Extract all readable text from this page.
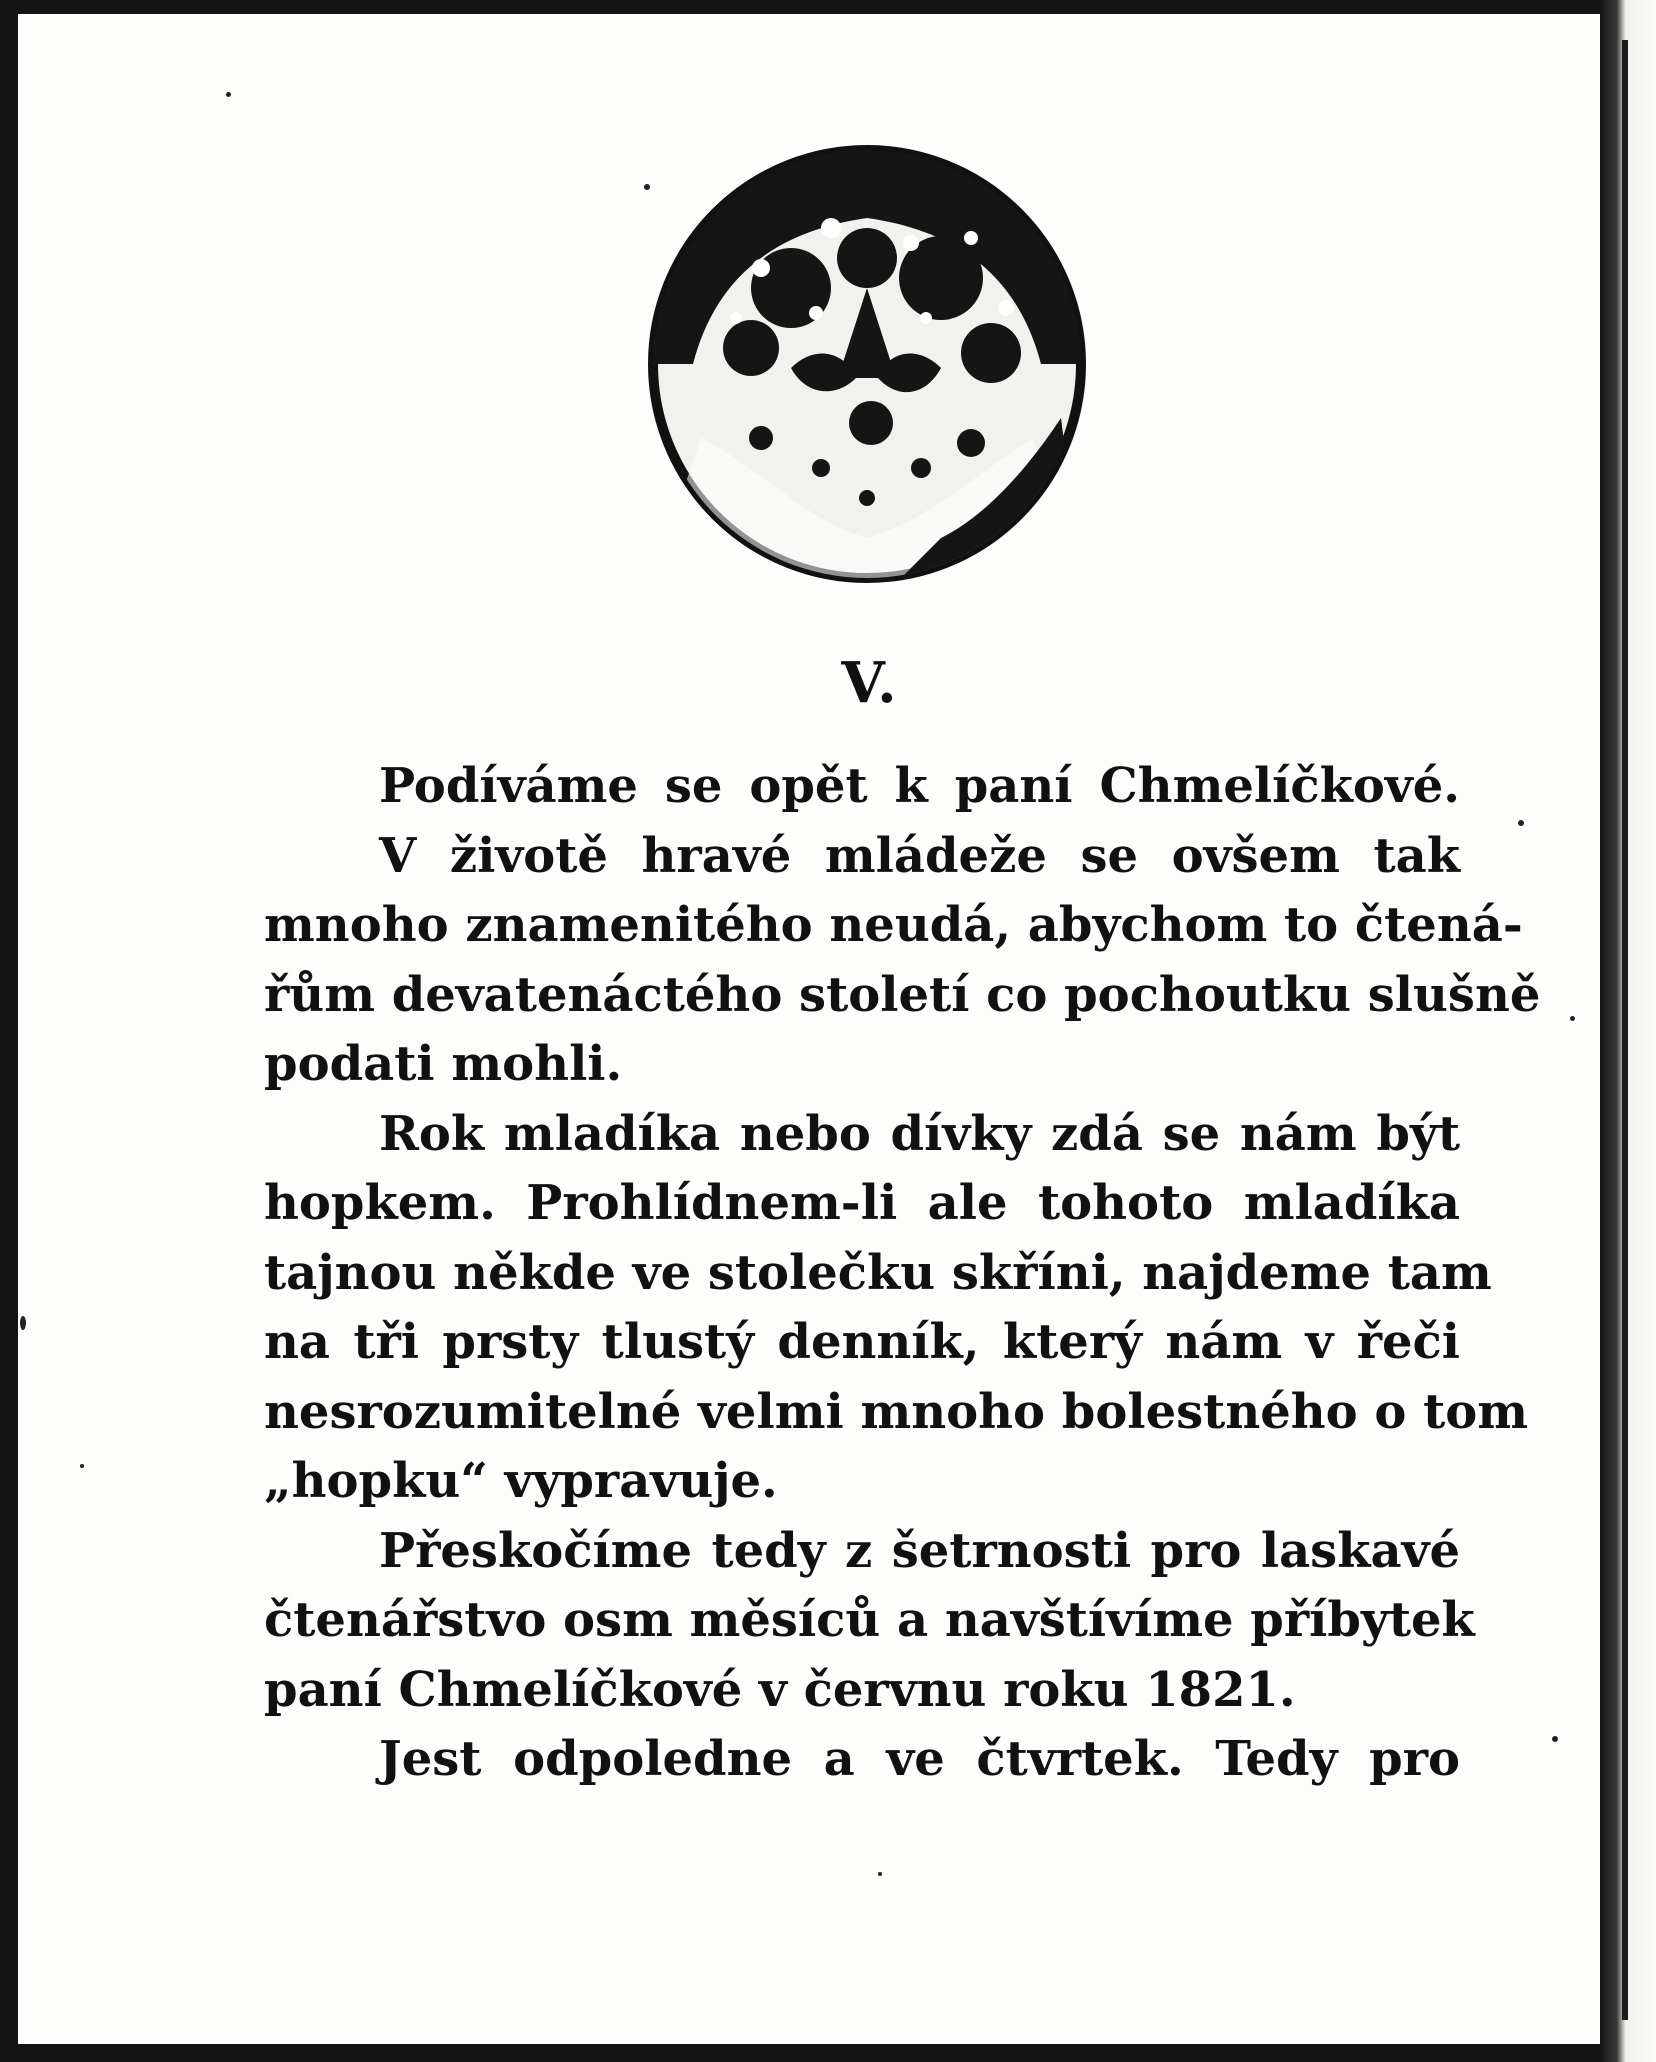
V.
Podíváme se opět k paní Chmelíčkové.
V životě hravé mládeže se ovšem tak
mnoho znamenitého neudá, abychom to čtená-
řům devatenáctého století co pochoutku slušně
podati mohli.
Rok mladíka nebo dívky zdá se nám být
hopkem. Prohlídnem-li ale tohoto mladíka
tajnou někde ve stolečku skříni, najdeme tam
na tři prsty tlustý denník, který nám v řeči
nesrozumitelné velmi mnoho bolestného o tom
„hopku“ vypravuje.
Přeskočíme tedy z šetrnosti pro laskavé
čtenářstvo osm měsíců a navštívíme příbytek
paní Chmelíčkové v červnu roku 1821.
Jest odpoledne a ve čtvrtek. Tedy pro
